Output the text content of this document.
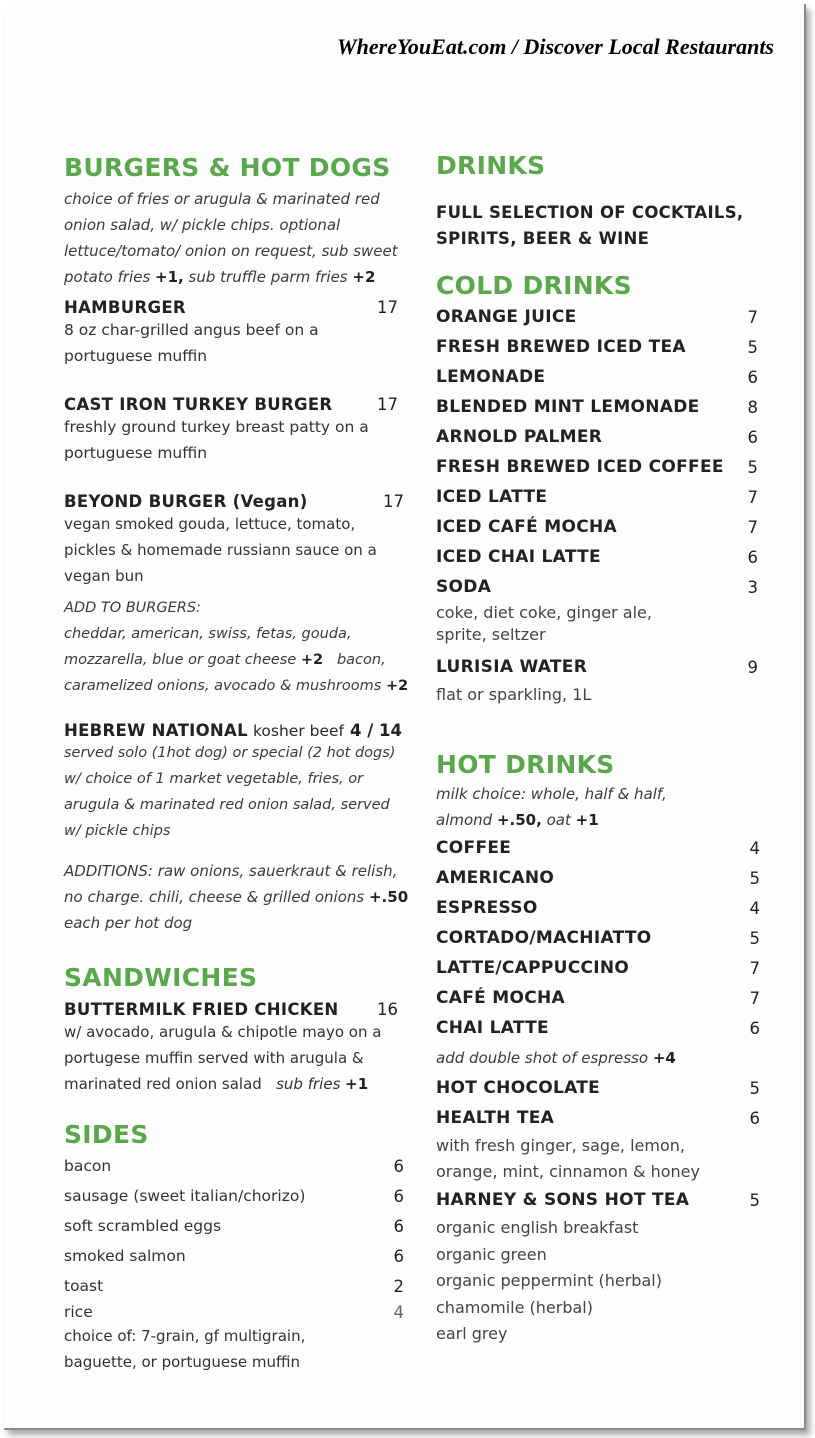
WhereYouEat.com / Discover Local Restaurants
BURGERS & HOT DOGS
choice of fries or arugula & marinated red onion salad, w/ pickle chips. optional lettuce/tomato/ onion on request, sub sweet potato fries +1, sub truffle parm fries +2
HAMBURGER	17
8 oz char-grilled angus beef on a portuguese muffin
CAST IRON TURKEY BURGER	17
freshly ground turkey breast patty on a portuguese muffin
BEYOND BURGER (Vegan)	17
vegan smoked gouda, lettuce, tomato, pickles & homemade russiann sauce on a vegan bun
ADD TO BURGERS:
cheddar, american, swiss, fetas, gouda, mozzarella, blue or goat cheese +2 bacon, caramelized onions, avocado & mushrooms +2
HEBREW NATIONAL kosher beef 4 / 14
served solo (1hot dog) or special (2 hot dogs) w/ choice of 1 market vegetable, fries, or arugula & marinated red onion salad, served w/ pickle chips
ADDITIONS: raw onions, sauerkraut & relish, no charge. chili, cheese & grilled onions +.50 each per hot dog
SANDWICHES
BUTTERMILK FRIED CHICKEN 16
w/ avocado, arugula & chipotle mayo on a portugese muffin served with arugula & marinated red onion salad sub fries +1
SIDES
bacon	6
sausage (sweet italian/chorizo)	6
soft scrambled eggs	6
smoked salmon	6
toast	2
rice	4
choice of: 7-grain, gf multigrain, baguette, or portuguese muffin
DRINKS
FULL SELECTION OF COCKTAILS, SPIRITS, BEER & WINE
COLD DRINKS
ORANGE JUICE	7
FRESH BREWED ICED TEA	5
LEMONADE	6
BLENDED MINT LEMONADE	8
ARNOLD PALMER	6
FRESH BREWED ICED COFFEE 5
ICED LATTE	7
ICED CAFÉ MOCHA	7
ICED CHAI LATTE	6
SODA	3
coke, diet coke, ginger ale, sprite, seltzer
LURISIA WATER	9
flat or sparkling, 1L
HOT DRINKS
milk choice: whole, half & half, almond +.50, oat +1
COFFEE	4
AMERICANO	5
ESPRESSO	4
CORTADO/MACHIATTO	5
LATTE/CAPPUCCINO	7
CAFÉ MOCHA	7
CHAI LATTE	6
add double shot of espresso +4
HOT CHOCOLATE	5
HEALTH TEA	6
with fresh ginger, sage, lemon, orange, mint, cinnamon & honey
HARNEY & SONS HOT TEA	5
organic english breakfast
organic green
organic peppermint (herbal)
chamomile (herbal)
earl grey
